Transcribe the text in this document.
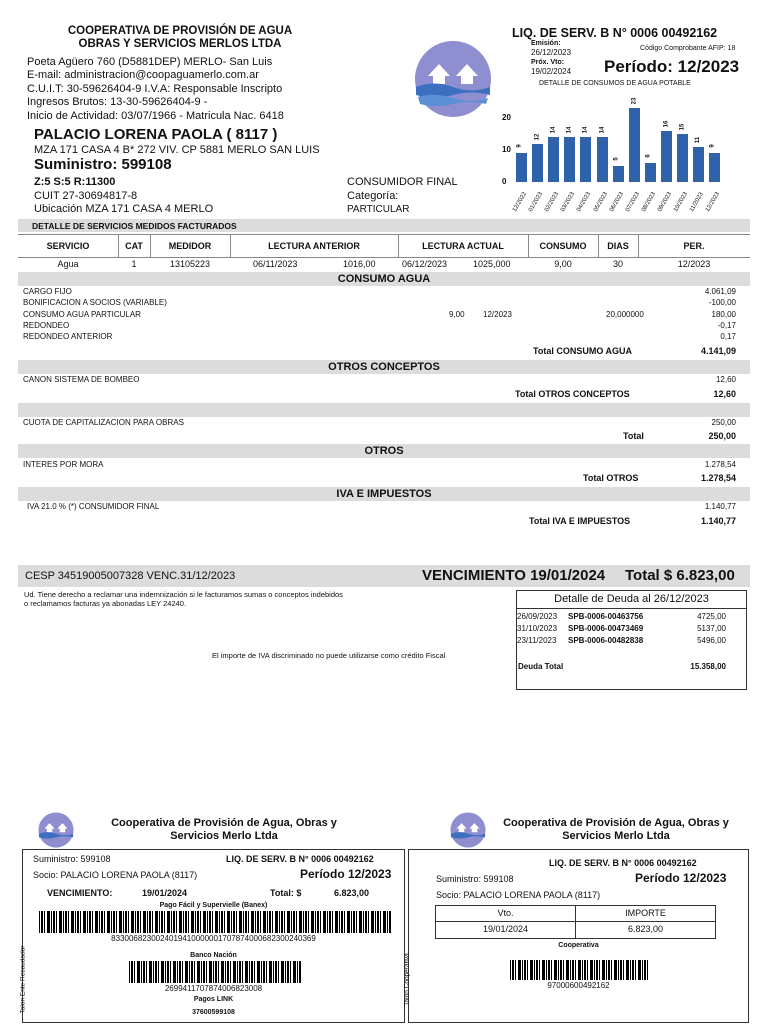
COOPERATIVA DE PROVISIÓN DE AGUA
OBRAS Y SERVICIOS MERLOS LTDA
Poeta Agüero 760 (D5881DEP) MERLO- San Luis
E-mail: administracion@coopaguamerlo.com.ar
C.U.I.T: 30-59626404-9 I.V.A: Responsable Inscripto
Ingresos Brutos: 13-30-59626404-9 -
Inicio de Actividad: 03/07/1966 - Matricula Nac. 6418
LIQ. DE SERV. B N° 0006 00492162
Emisión:
26/12/2023	Código Comprobante AFIP: 18
Próx. Vto:
19/02/2024 Período: 12/2023
DETALLE DE CONSUMOS DE AGUA POTABLE
20
10
0
9
12/2022
12
01/2023
14
02/2023
14
03/2023
14
04/2023
14
05/2023
5
06/2023
23
07/2023
6
08/2023
16
09/2023
15
10/2023
11
11/2023
9
12/2023
PALACIO LORENA PAOLA ( 8117 )
MZA 171 CASA 4 B* 272 VIV. CP 5881 MERLO SAN LUIS
Suministro: 599108
Z:5 S:5 R:11300
CUIT 27-30694817-8
Ubicación MZA 171 CASA 4 MERLO
CONSUMIDOR FINAL
Categoría:
PARTICULAR
DETALLE DE SERVICIOS MEDIDOS FACTURADOS
SERVICIO	CAT	MEDIDOR	LECTURA ANTERIOR	LECTURA ACTUAL	CONSUMO	DIAS	PER.
Agua	1	13105223	06/11/2023	1016,00	06/12/2023	1025,000	9,00	30	12/2023
CONSUMO AGUA
CARGO FIJO	4.061,09
BONIFICACION A SOCIOS (VARIABLE)	-100,00
CONSUMO AGUA PARTICULAR	9,00 12/2023	20,000000	180,00
REDONDEO	-0,17
REDONDEO ANTERIOR	0,17
Total CONSUMO AGUA	4.141,09
OTROS CONCEPTOS
CANON SISTEMA DE BOMBEO	12,60
Total OTROS CONCEPTOS	12,60
CUOTA DE CAPITALIZACION PARA OBRAS	250,00
Total	250,00
OTROS
INTERES POR MORA	1.278,54
Total OTROS	1.278,54
IVA E IMPUESTOS
IVA 21.0 % (*) CONSUMIDOR FINAL	1.140,77
Total IVA E IMPUESTOS	1.140,77
CESP 34519005007328 VENC.31/12/2023	VENCIMIENTO 19/01/2024 Total $ 6.823,00
Ud. Tiene derecho a reclamar una indemnización si le facturamos sumas o conceptos indebidos
o reclamamos facturas ya abonadas LEY 24240.
El importe de IVA discriminado no puede utilizarse como crédito Fiscal
Detalle de Deuda al 26/12/2023
26/09/2023 SPB-0006-00463756	4725,00
31/10/2023 SPB-0006-00473469	5137,00
23/11/2023 SPB-0006-00482838	5496,00
Deuda Total	15.358,00
Cooperativa de Provisión de Agua, Obras y
Servicios Merlo Ltda
Cooperativa de Provisión de Agua, Obras y
Servicios Merlo Ltda
Suministro: 599108	LIQ. DE SERV. B N° 0006 00492162
Socio: PALACIO LORENA PAOLA (8117)	Período 12/2023
VENCIMIENTO:	19/01/2024	Total: $	6.823,00
Pago Fácil y Supervielle (Banex)
83300682300240194100000017078740006823002403​69
Banco Nación
26994117078740068230​08
Pagos LINK
37600599108
Talon Ente Recaudador
LIQ. DE SERV. B N° 0006 00492162
Suministro: 599108	Período 12/2023
Socio: PALACIO LORENA PAOLA (8117)
Vto.	IMPORTE
19/01/2024	6.823,00
Cooperativa
97000600492162
Talon Cooperativa
